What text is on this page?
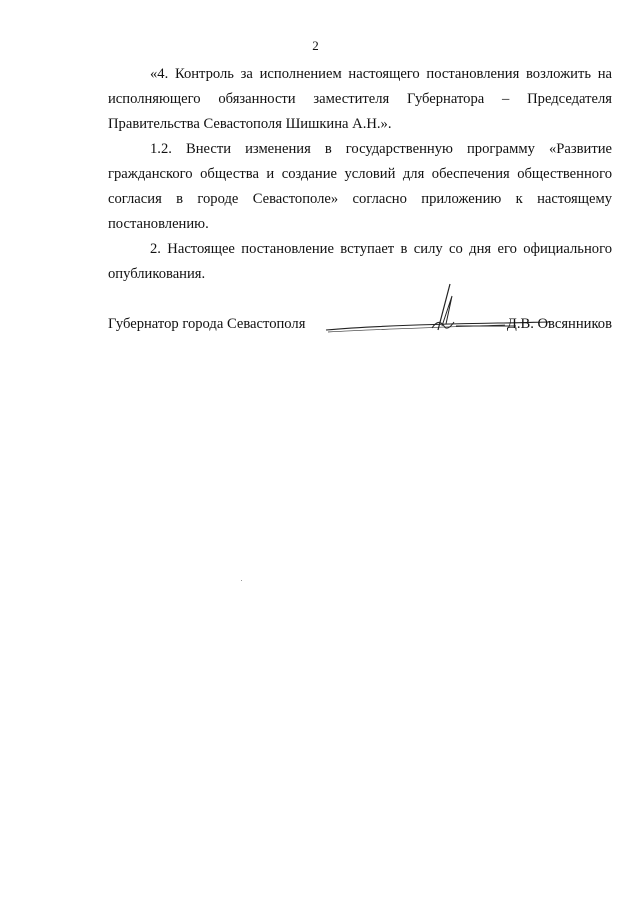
2

«4. Контроль за исполнением настоящего постановления возложить на исполняющего обязанности заместителя Губернатора – Председателя Правительства Севастополя Шишкина А.Н.».

1.2. Внести изменения в государственную программу «Развитие гражданского общества и создание условий для обеспечения общественного согласия в городе Севастополе» согласно приложению к настоящему постановлению.

2. Настоящее постановление вступает в силу со дня его официального опубликования.

Губернатор города Севастополя	Д.В. Овсянников
